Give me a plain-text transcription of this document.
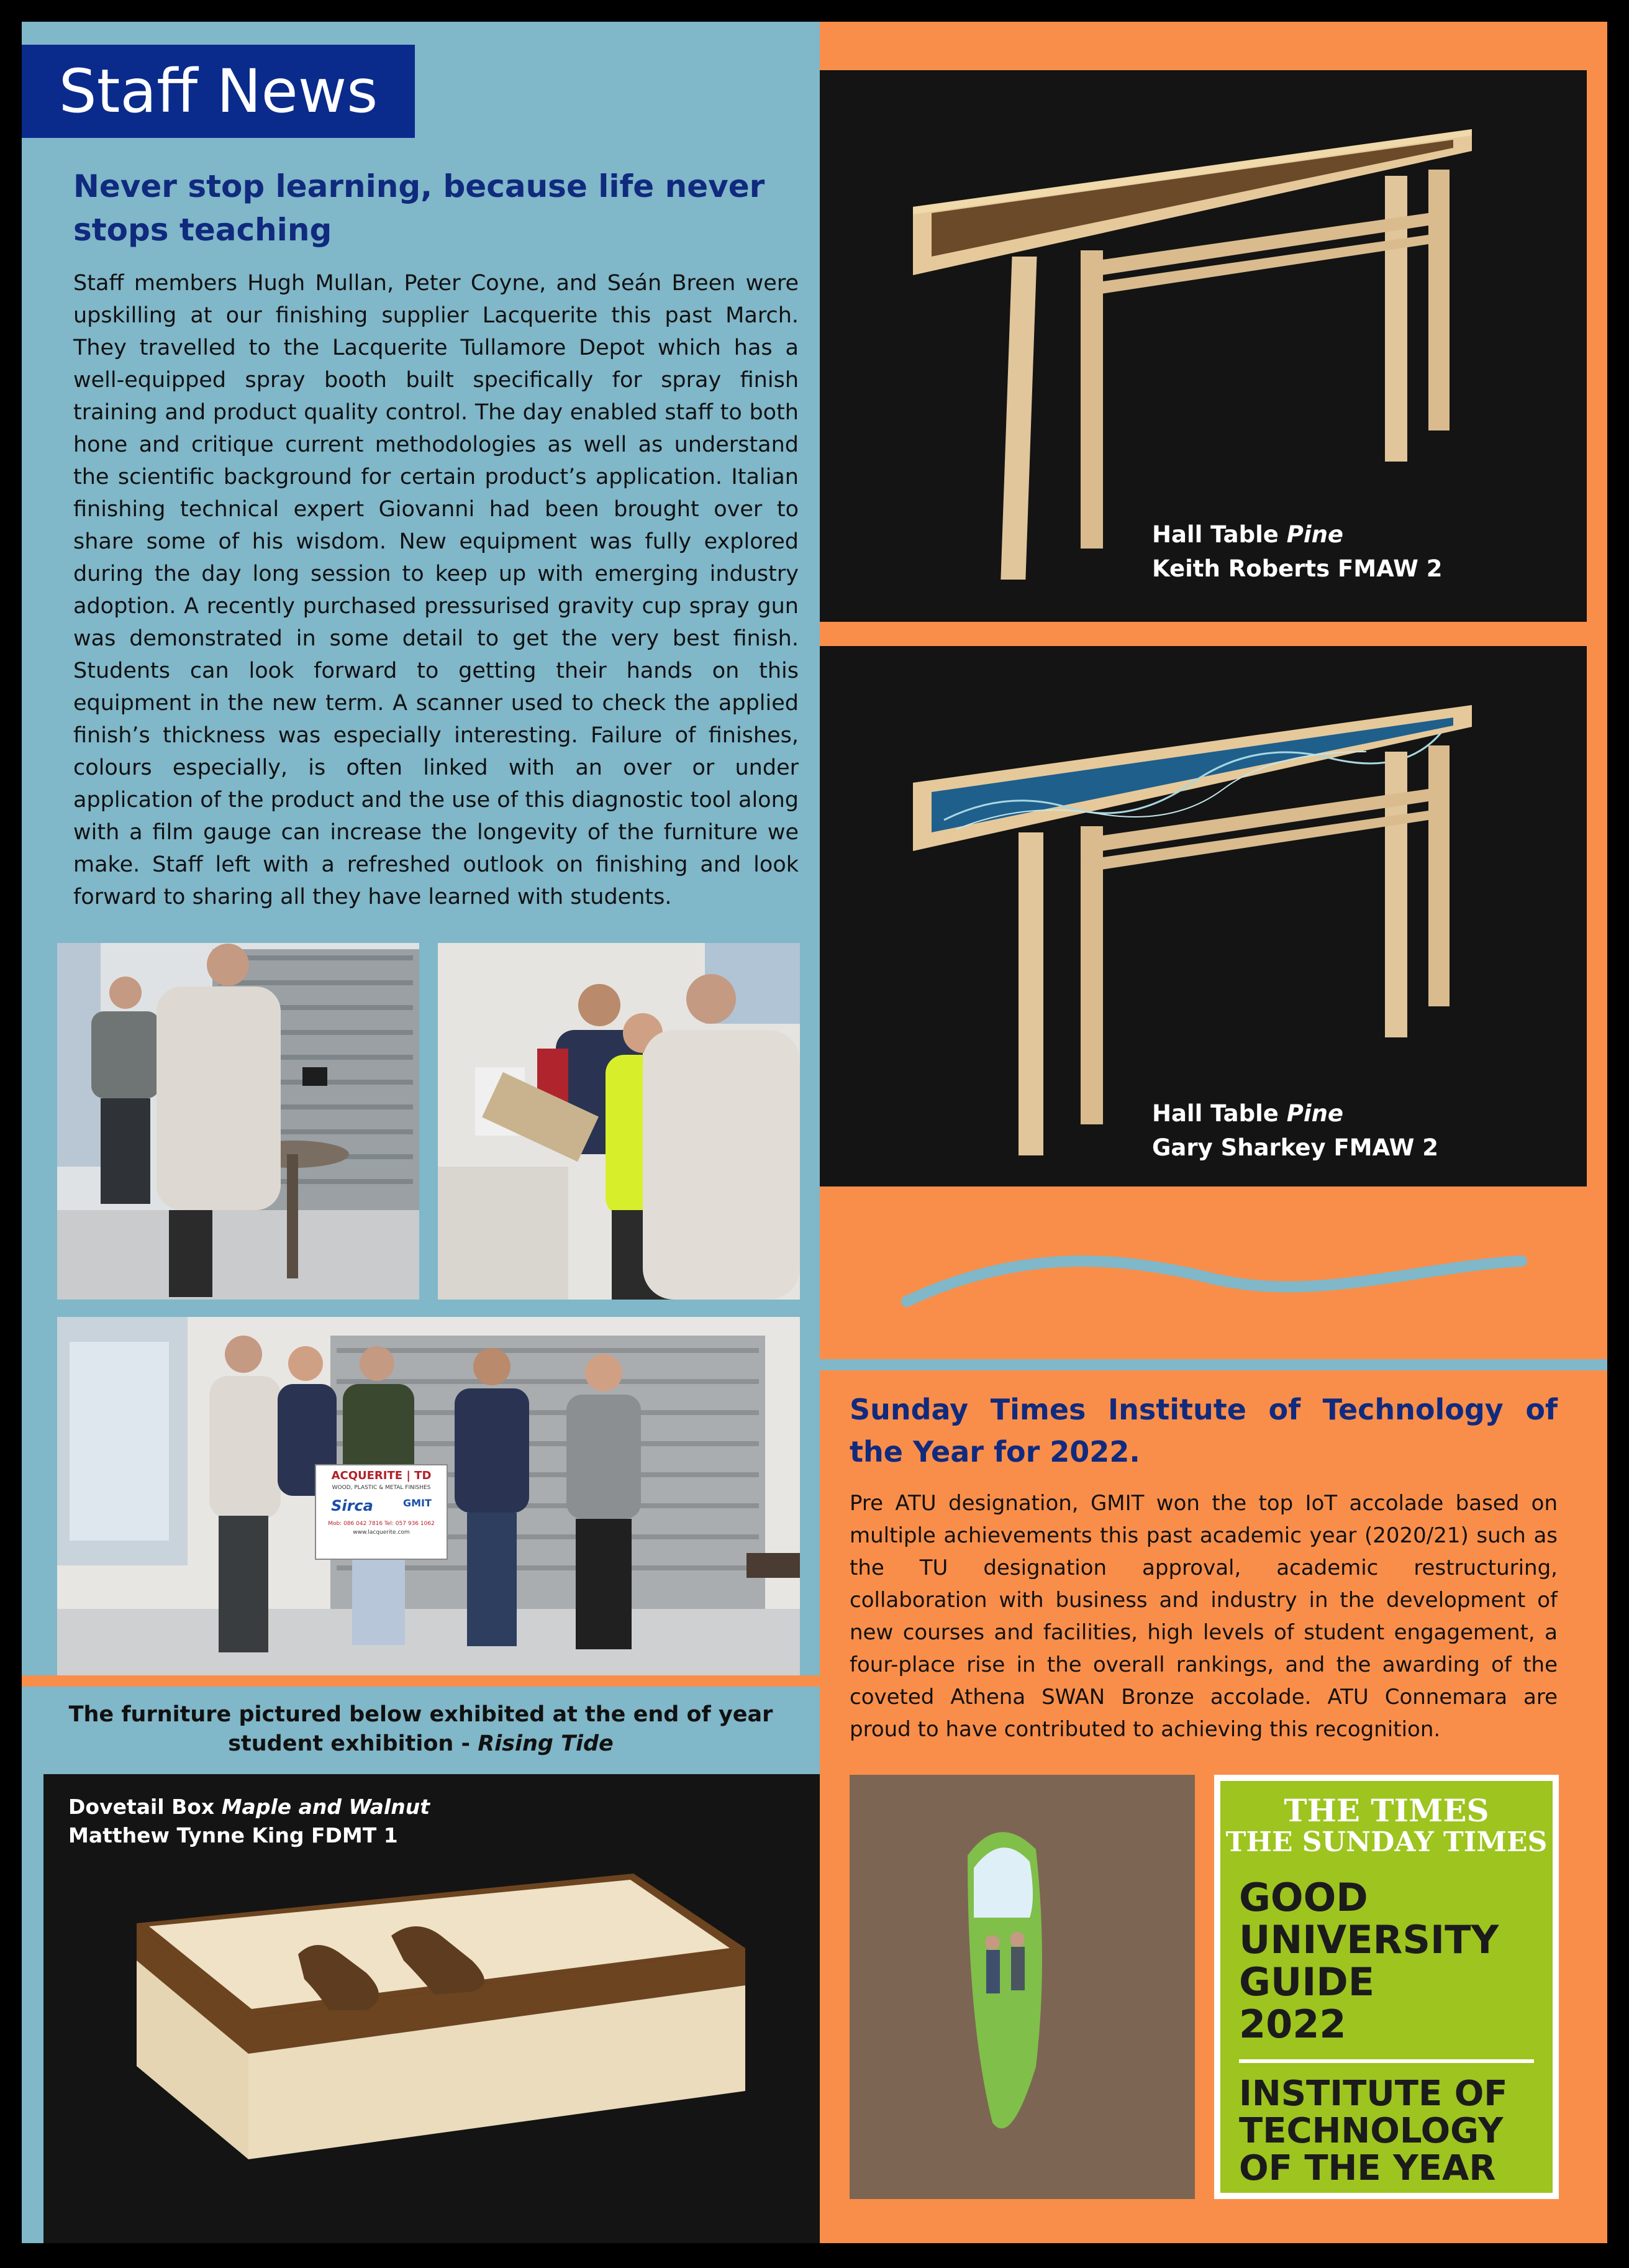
Staff News
Never stop learning, because life never stops teaching
Staff members Hugh Mullan, Peter Coyne, and Seán Breen were upskilling at our finishing supplier Lacquerite this past March. They travelled to the Lacquerite Tullamore Depot which has a well-equipped spray booth built specifically for spray finish training and product quality control. The day enabled staff to both hone and critique current methodologies as well as understand the scientific background for certain product’s application. Italian finishing technical expert Giovanni had been brought over to share some of his wisdom. New equipment was fully explored during the day long session to keep up with emerging industry adoption. A recently purchased pressurised gravity cup spray gun was demonstrated in some detail to get the very best finish. Students can look forward to getting their hands on this equipment in the new term. A scanner used to check the applied finish’s thickness was especially interesting. Failure of finishes, colours especially, is often linked with an over or under application of the product and the use of this diagnostic tool along with a film gauge can increase the longevity of the furniture we make. Staff left with a refreshed outlook on finishing and look forward to sharing all they have learned with students.
ACQUERITE | TD
WOOD, PLASTIC & METAL FINISHES
Sirca	GMIT
Mob: 086 042 7816 Tel: 057 936 1062
www.lacquerite.com
The furniture pictured below exhibited at the end of year
student exhibition - Rising Tide
Dovetail Box Maple and Walnut
Matthew Tynne King FDMT 1
Hall Table Pine
Keith Roberts FMAW 2
Hall Table Pine
Gary Sharkey FMAW 2
Sunday Times Institute of Technology of the Year for 2022.
Pre ATU designation, GMIT won the top IoT accolade based on multiple achievements this past academic year (2020/21) such as the TU designation approval, academic restructuring, collaboration with business and industry in the development of new courses and facilities, high levels of student engagement, a four-place rise in the overall rankings, and the awarding of the coveted Athena SWAN Bronze accolade. ATU Connemara are proud to have contributed to achieving this recognition.
THE TIMES
THE SUNDAY TIMES
GOOD
UNIVERSITY
GUIDE
2022
INSTITUTE OF
TECHNOLOGY
OF THE YEAR
